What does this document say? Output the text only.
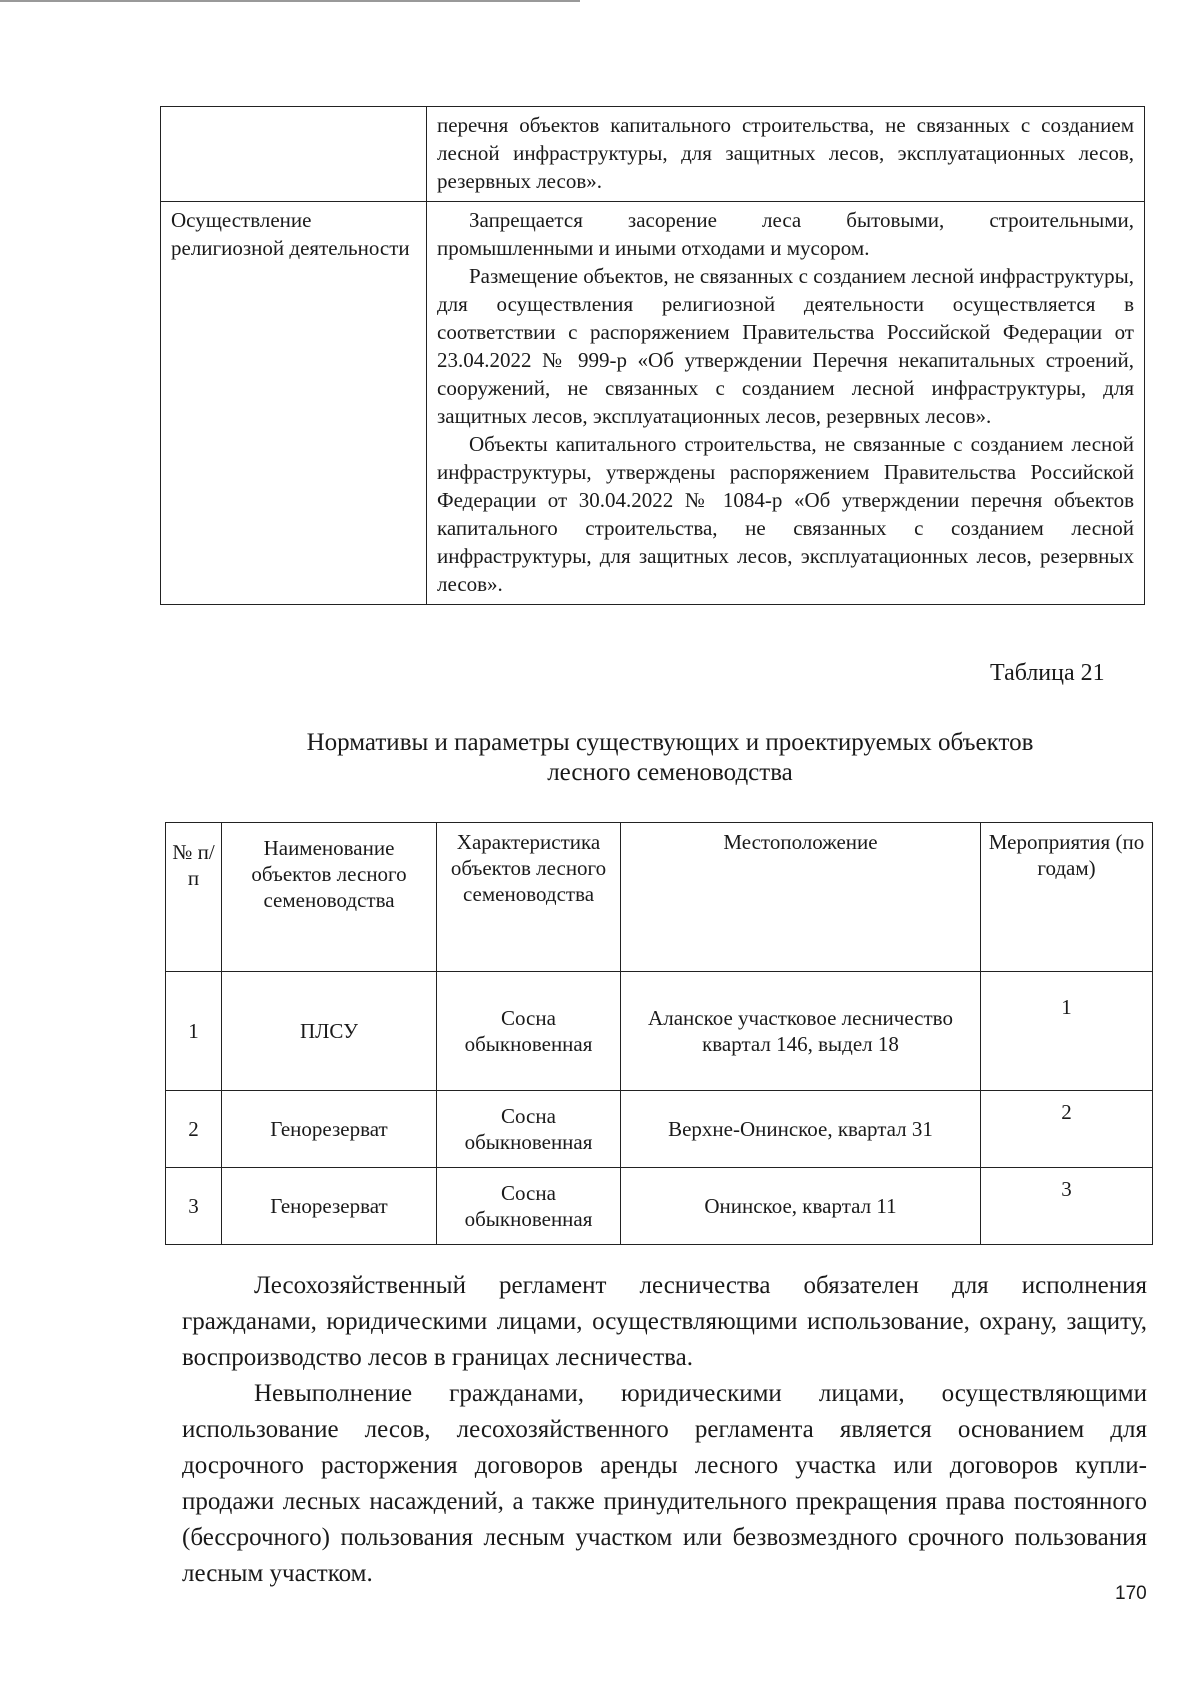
	перечня объектов капитального строительства, не связанных с созданием лесной инфраструктуры, для защитных лесов, эксплуатационных лесов, резервных лесов».
Осуществление религиозной деятельности	Запрещается засорение леса бытовыми, строительными, промышленными и иными отходами и мусором.

Размещение объектов, не связанных с созданием лесной инфраструктуры, для осуществления религиозной деятельности осуществляется в соответствии с распоряжением Правительства Российской Федерации от 23.04.2022 № 999-р «Об утверждении Перечня некапитальных строений, сооружений, не связанных с созданием лесной инфраструктуры, для защитных лесов, эксплуатационных лесов, резервных лесов».

Объекты капитального строительства, не связанные с созданием лесной инфраструктуры, утверждены распоряжением Правительства Российской Федерации от 30.04.2022 № 1084-р «Об утверждении перечня объектов капитального строительства, не связанных с созданием лесной инфраструктуры, для защитных лесов, эксплуатационных лесов, резервных лесов».

Таблица 21
Нормативы и параметры существующих и проектируемых объектов
лесного семеноводства
№ п/п	Наименование объектов лесного семеноводства	Характеристика объектов лесного семеноводства	Местоположение	Мероприятия (по годам)
1	ПЛСУ	Сосна обыкновенная	Аланское участковое лесничество квартал 146, выдел 18	1
2	Генорезерват	Сосна обыкновенная	Верхне-Онинское, квартал 31	2
3	Генорезерват	Сосна обыкновенная	Онинское, квартал 11	3

Лесохозяйственный регламент лесничества обязателен для исполнения гражданами, юридическими лицами, осуществляющими использование, охрану, защиту, воспроизводство лесов в границах лесничества.

Невыполнение гражданами, юридическими лицами, осуществляющими использование лесов, лесохозяйственного регламента является основанием для досрочного расторжения договоров аренды лесного участка или договоров купли-продажи лесных насаждений, а также принудительного прекращения права постоянного (бессрочного) пользования лесным участком или безвозмездного срочного пользования лесным участком.

170
